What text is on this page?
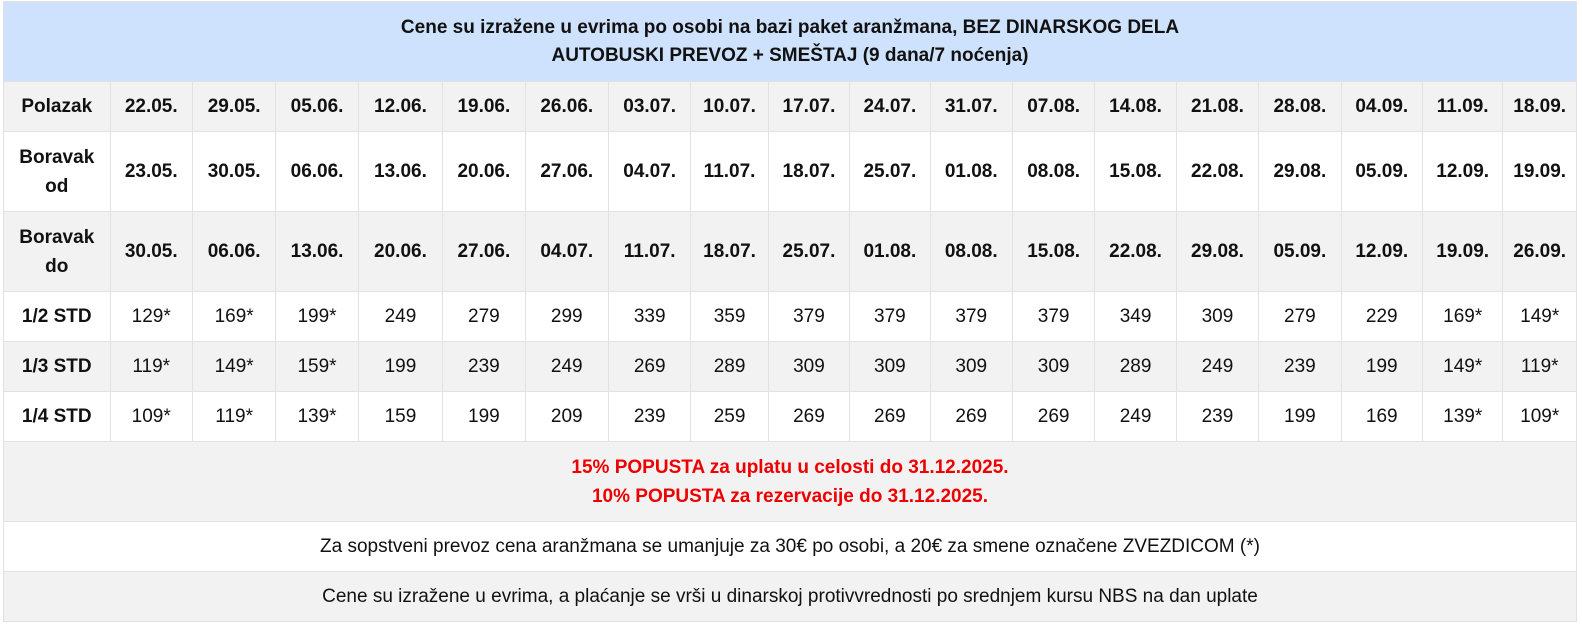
Cene su izražene u evrima po osobi na bazi paket aranžmana, BEZ DINARSKOG DELA
AUTOBUSKI PREVOZ + SMEŠTAJ (9 dana/7 noćenja)																		

Polazak	22.05.	29.05.	05.06.	12.06.	19.06.	26.06.	03.07.	10.07.	17.07.	24.07.	31.07.	07.08.	14.08.	21.08.	28.08.	04.09.	11.09.	18.09.

Boravak
od	23.05.	30.05.	06.06.	13.06.	20.06.	27.06.	04.07.	11.07.	18.07.	25.07.	01.08.	08.08.	15.08.	22.08.	29.08.	05.09.	12.09.	19.09.

Boravak
do	30.05.	06.06.	13.06.	20.06.	27.06.	04.07.	11.07.	18.07.	25.07.	01.08.	08.08.	15.08.	22.08.	29.08.	05.09.	12.09.	19.09.	26.09.
1/2 STD	129*	169*	199*	249	279	299	339	359	379	379	379	379	349	309	279	229	169*	149*
1/3 STD	119*	149*	159*	199	239	249	269	289	309	309	309	309	289	249	239	199	149*	119*
1/4 STD	109*	119*	139*	159	199	209	239	259	269	269	269	269	249	239	199	169	139*	109*

15% POPUSTA za uplatu u celosti do 31.12.2025.
10% POPUSTA za rezervacije do 31.12.2025.																		

Za sopstveni prevoz cena aranžmana se umanjuje za 30€ po osobi, a 20€ za smene označene ZVEZDICOM (*)																		
Cene su izražene u evrima, a plaćanje se vrši u dinarskoj protivvrednosti po srednjem kursu NBS na dan uplate																		
